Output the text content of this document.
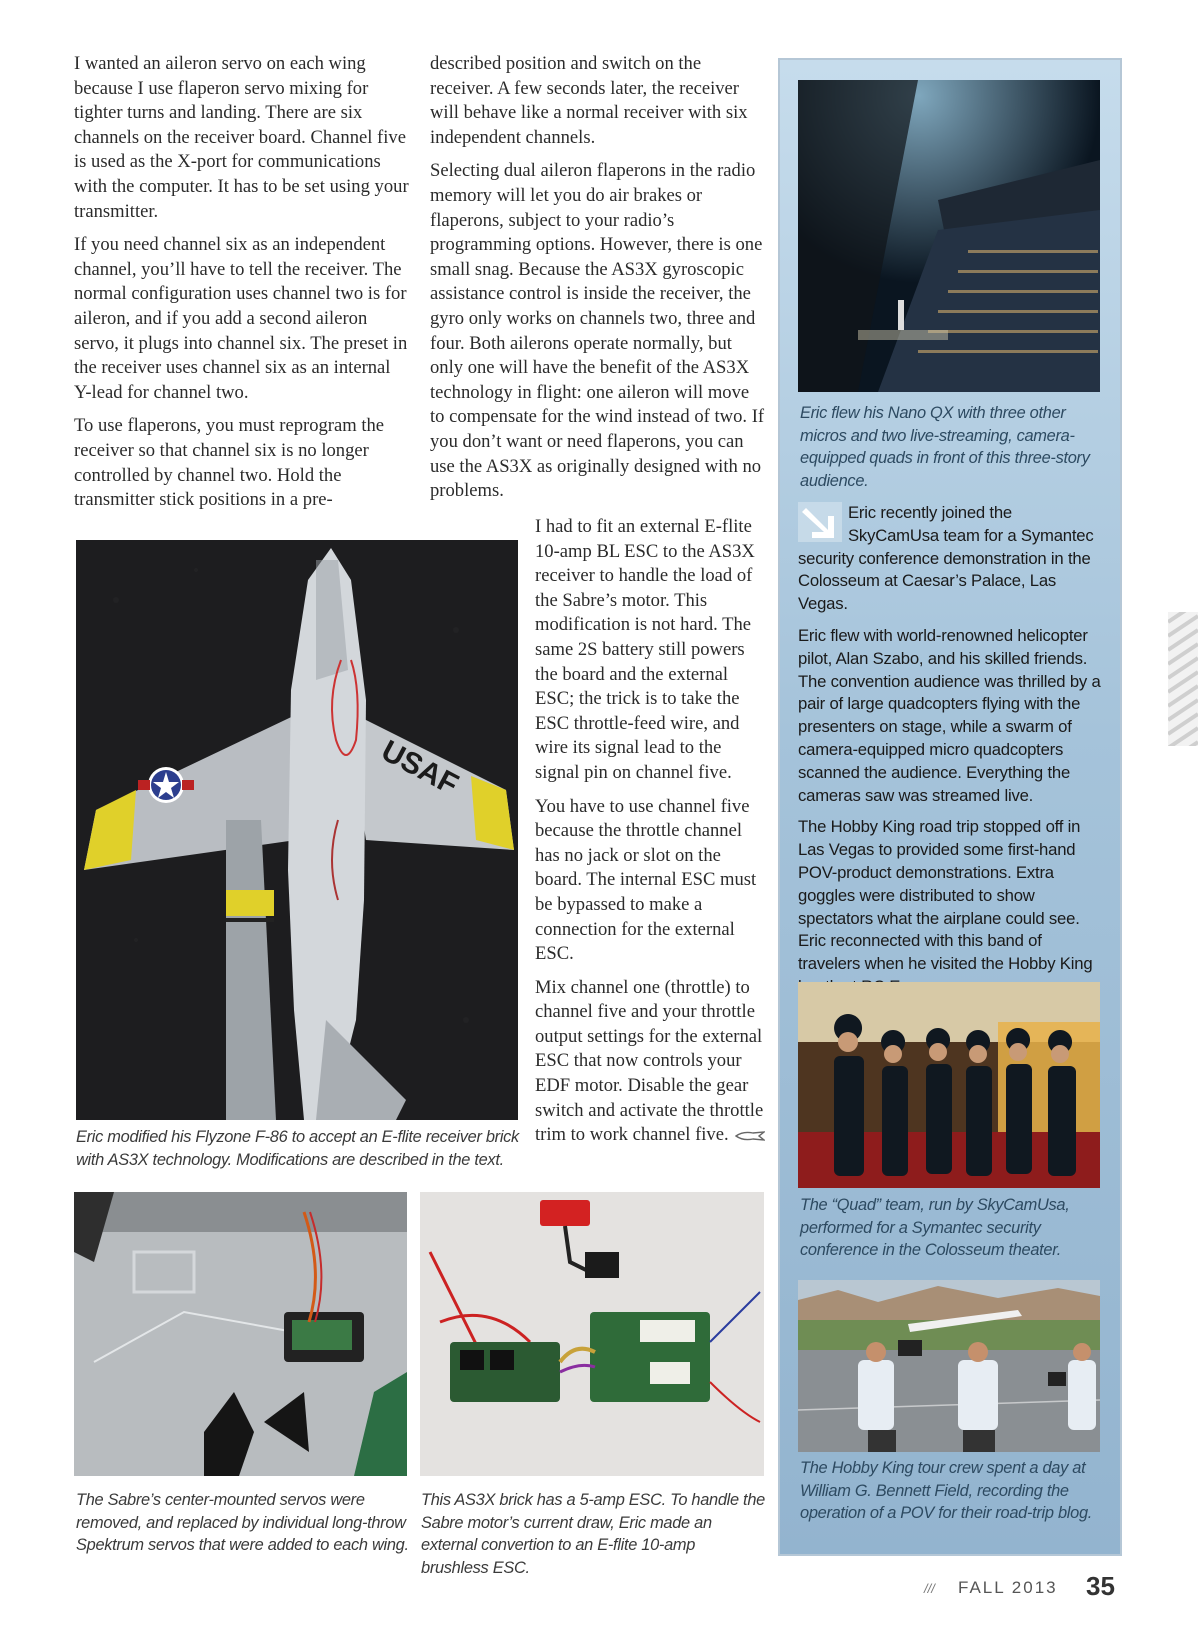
I wanted an aileron servo on each wing because I use flaperon servo mixing for tighter turns and landing. There are six channels on the receiver board. Channel five is used as the X-port for communications with the computer. It has to be set using your transmitter.

If you need channel six as an independent channel, you’ll have to tell the receiver. The normal configuration uses channel two is for aileron, and if you add a second aileron servo, it plugs into channel six. The preset in the receiver uses channel six as an internal Y-lead for channel two.

To use flaperons, you must reprogram the receiver so that channel six is no longer controlled by channel two. Hold the transmitter stick positions in a pre-

described position and switch on the receiver. A few seconds later, the receiver will behave like a normal receiver with six independent channels.

Selecting dual aileron flaperons in the radio memory will let you do air brakes or flaperons, subject to your radio’s programming options. However, there is one small snag. Because the AS3X gyroscopic assistance control is inside the receiver, the gyro only works on channels two, three and four. Both ailerons operate normally, but only one will have the benefit of the AS3X technology in flight: one aileron will move to compensate for the wind instead of two. If you don’t want or need flaperons, you can use the AS3X as originally designed with no problems.

I had to fit an external E-flite 10-amp BL ESC to the AS3X receiver to handle the load of the Sabre’s motor. This modification is not hard. The same 2S battery still powers the board and the external ESC; the trick is to take the ESC throttle-feed wire, and wire its signal lead to the signal pin on channel five.

You have to use channel five because the throttle channel has no jack or slot on the board. The internal ESC must be bypassed to make a connection for the external ESC.

Mix channel one (throttle) to channel five and your throttle output settings for the external ESC that now controls your EDF motor. Disable the gear switch and activate the throttle trim to work channel five.

USAF
Eric modified his Flyzone F-86 to accept an E-flite receiver brick with AS3X technology. Modifications are described in the text.
The Sabre’s center-mounted servos were removed, and replaced by individual long-throw Spektrum servos that were added to each wing.
This AS3X brick has a 5-amp ESC. To handle the Sabre motor’s current draw, Eric made an external convertion to an E-flite 10-amp brushless ESC.
Eric flew his Nano QX with three other micros and two live-streaming, camera-equipped quads in front of this three-story audience.

Eric recently joined the SkyCamUsa team for a Symantec security conference demonstration in the Colosseum at Caesar’s Palace, Las Vegas.

Eric flew with world-renowned helicopter pilot, Alan Szabo, and his skilled friends. The convention audience was thrilled by a pair of large quadcopters flying with the presenters on stage, while a swarm of camera-equipped micro quadcopters scanned the audience. Everything the cameras saw was streamed live.

The Hobby King road trip stopped off in Las Vegas to provided some first-hand POV-product demonstrations. Extra goggles were distributed to show spectators what the airplane could see. Eric reconnected with this band of travelers when he visited the Hobby King

The “Quad” team, run by SkyCamUsa, performed for a Symantec security conference in the Colosseum theater.
The Hobby King tour crew spent a day at William G. Bennett Field, recording the operation of a POV for their road-trip blog.
/// FALL 2013 35
